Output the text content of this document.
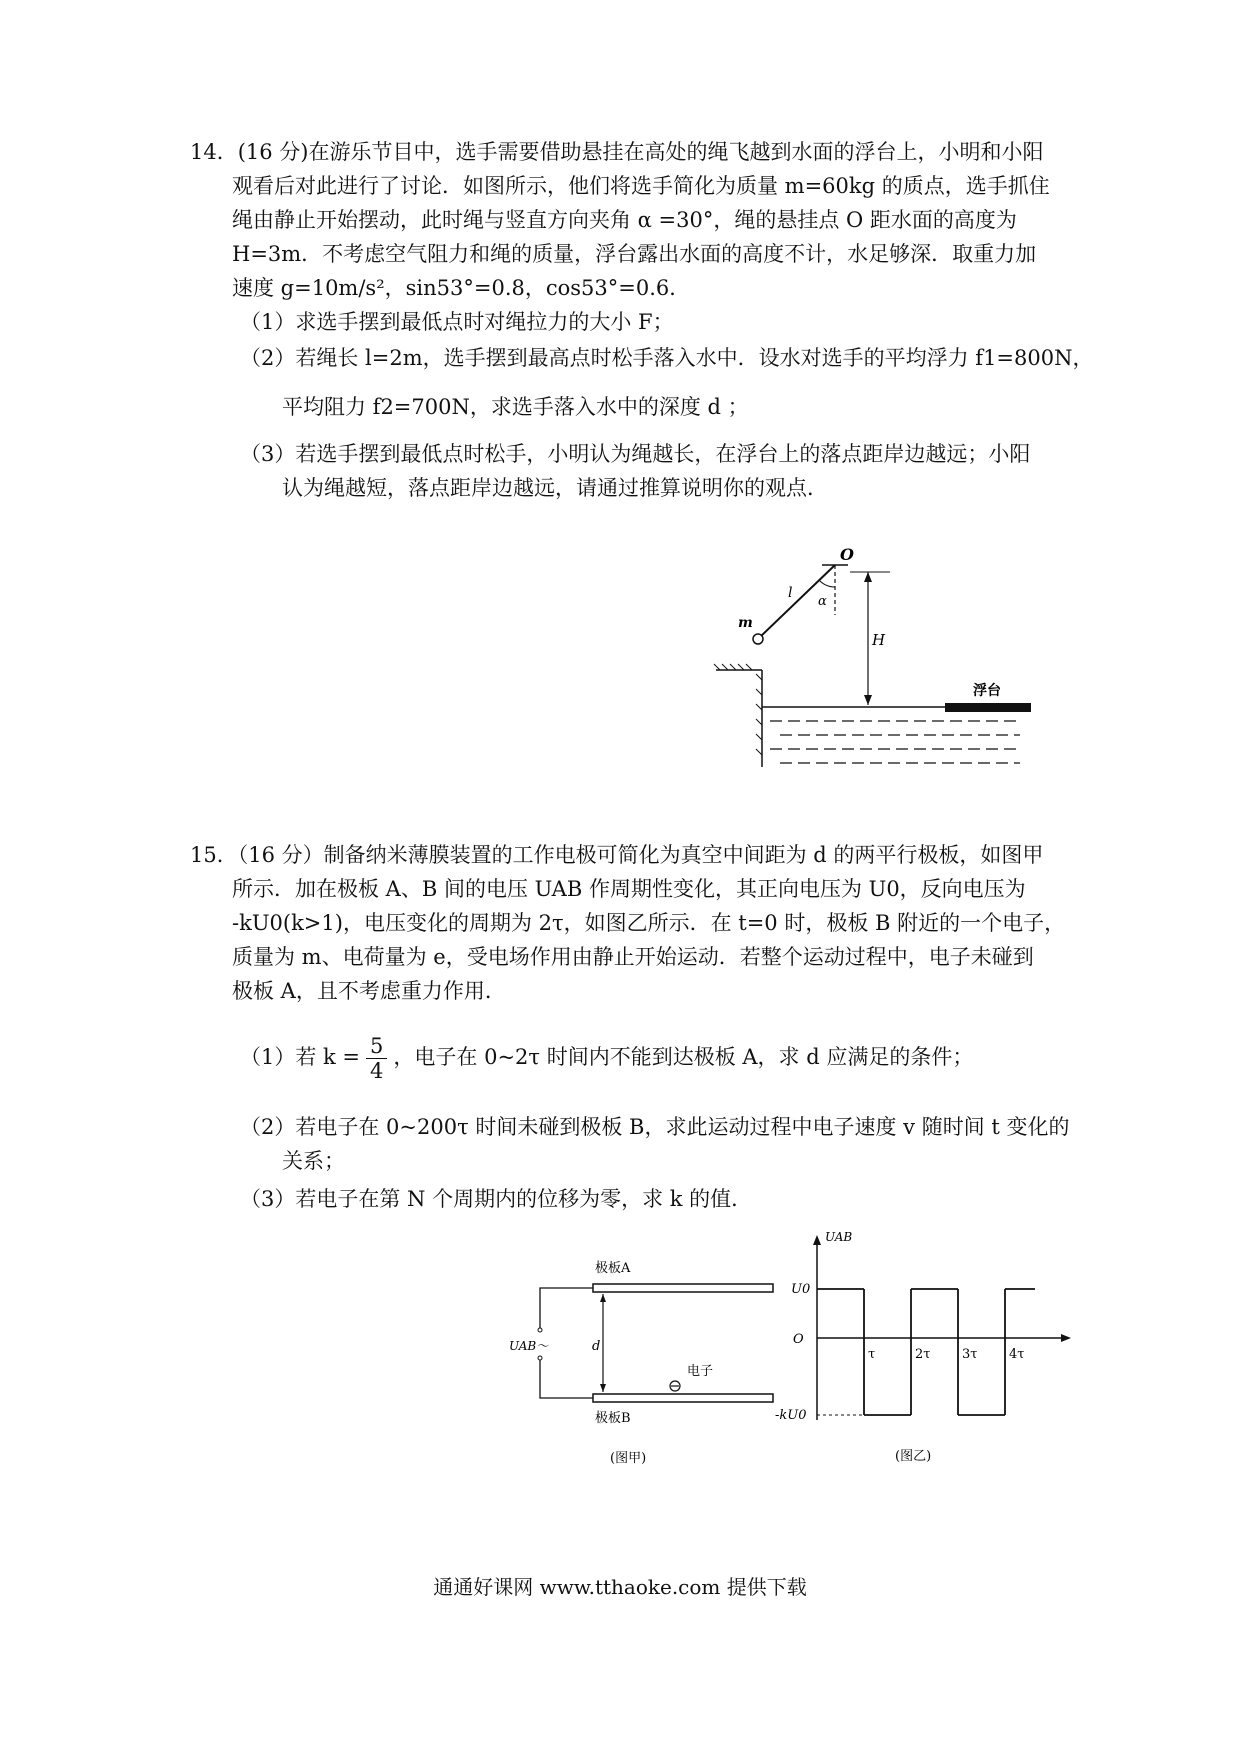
14．(16 分)在游乐节目中，选手需要借助悬挂在高处的绳飞越到水面的浮台上，小明和小阳
观看后对此进行了讨论．如图所示，他们将选手简化为质量 m=60kg 的质点，选手抓住
绳由静止开始摆动，此时绳与竖直方向夹角 α =30°，绳的悬挂点 O 距水面的高度为
H=3m．不考虑空气阻力和绳的质量，浮台露出水面的高度不计，水足够深．取重力加
速度 g=10m/s²，sin53°=0.8，cos53°=0.6．
（1）求选手摆到最低点时对绳拉力的大小 F；
（2）若绳长 l=2m，选手摆到最高点时松手落入水中．设水对选手的平均浮力 f1=800N，
平均阻力 f2=700N，求选手落入水中的深度 d ；
（3）若选手摆到最低点时松手，小明认为绳越长，在浮台上的落点距岸边越远；小阳
认为绳越短，落点距岸边越远，请通过推算说明你的观点．
O
m
l
α
H
浮台
15．（16 分）制备纳米薄膜装置的工作电极可简化为真空中间距为 d 的两平行极板，如图甲
所示．加在极板 A、B 间的电压 UAB 作周期性变化，其正向电压为 U0，反向电压为
-kU0(k>1)，电压变化的周期为 2τ，如图乙所示．在 t=0 时，极板 B 附近的一个电子，
质量为 m、电荷量为 e，受电场作用由静止开始运动．若整个运动过程中，电子未碰到
极板 A，且不考虑重力作用．
（1）若 $k = \frac{5}{4}$ ，电子在 0~2τ 时间内不能到达极板 A，求 d 应满足的条件；
（2）若电子在 0~200τ 时间未碰到极板 B，求此运动过程中电子速度 v 随时间 t 变化的
关系；
（3）若电子在第 N 个周期内的位移为零，求 k 的值．
极板A
极板B
UAB～	d
电子
(图甲)
UAB
U0
O
-kU0
τ	2τ 3τ 4τ
(图乙)
通通好课网 www.tthaoke.com 提供下载
